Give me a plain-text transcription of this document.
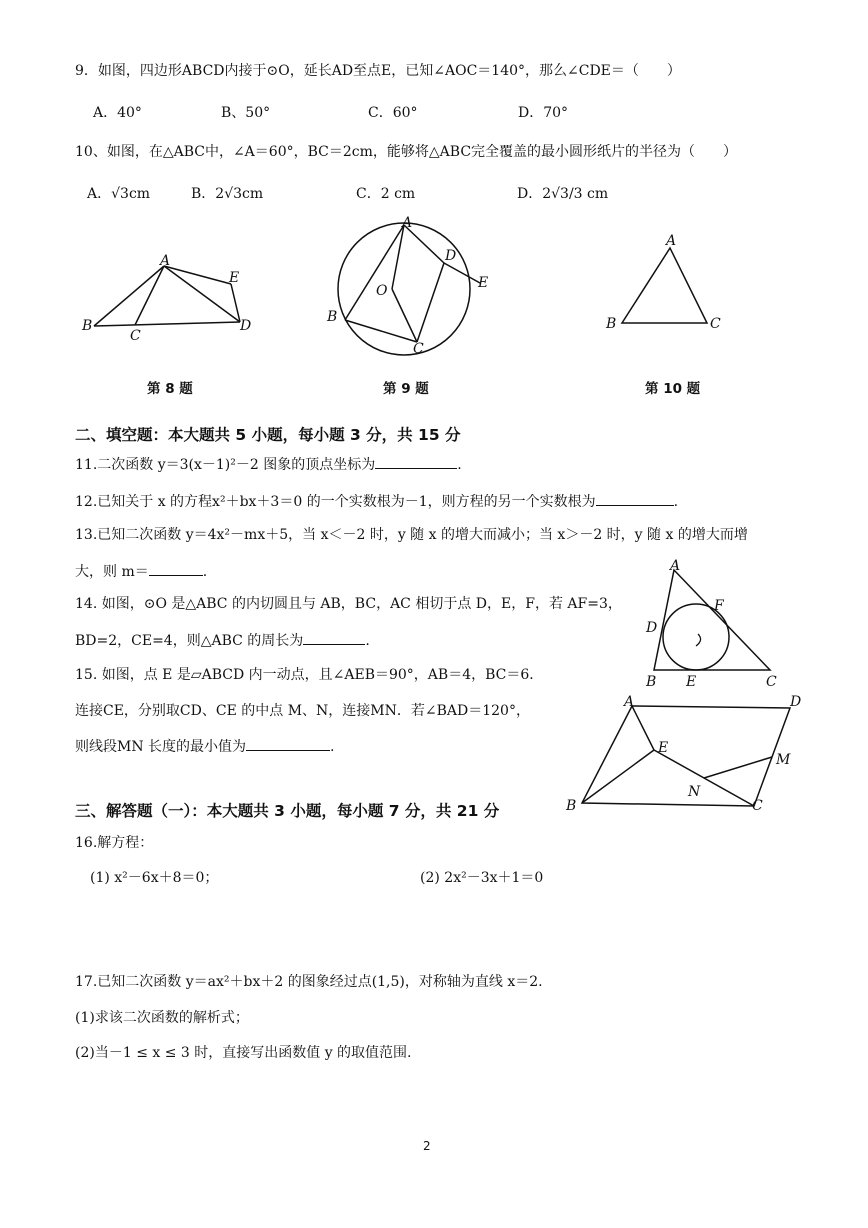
9．如图，四边形ABCD内接于⊙O，延长AD至点E，已知∠AOC＝140°，那么∠CDE＝（　　）
A．40°	B、50°	C．60°	D．70°
10、如图，在△ABC中，∠A＝60°，BC＝2cm，能够将△ABC完全覆盖的最小圆形纸片的半径为（　　）
A．√3cm	B．2√3cm	C．2 cm	D．2√3/3 cm
A
B
C
D
E
第 8 题
A
B
C
D
E
O
第 9 题
A
B	C
第 10 题
二、填空题：本大题共 5 小题，每小题 3 分，共 15 分
11.二次函数 y＝3(x－1)²－2 图象的顶点坐标为	.
12.已知关于 x 的方程x²＋bx＋3＝0 的一个实数根为－1，则方程的另一个实数根为	.
13.已知二次函数 y＝4x²－mx＋5，当 x＜－2 时，y 随 x 的增大而减小；当 x＞－2 时，y 随 x 的增大而增
大，则 m＝	.
14. 如图，⊙O 是△ABC 的内切圆且与 AB，BC，AC 相切于点 D，E，F，若 AF=3，
BD=2，CE=4，则△ABC 的周长为	.
15. 如图，点 E 是▱ABCD 内一动点，且∠AEB＝90°，AB＝4，BC＝6．
连接CE，分别取CD、CE 的中点 M、N，连接MN．若∠BAD＝120°，
则线段MN 长度的最小值为	.
A
B	C
D
E
F
A
B	C
D
E
M
N
三、解答题（一）：本大题共 3 小题，每小题 7 分，共 21 分
16.解方程：
(1) x²－6x＋8＝0；	(2) 2x²－3x＋1＝0
17.已知二次函数 y＝ax²＋bx＋2 的图象经过点(1,5)，对称轴为直线 x＝2.
(1)求该二次函数的解析式；
(2)当－1 ≤ x ≤ 3 时，直接写出函数值 y 的取值范围.
2
